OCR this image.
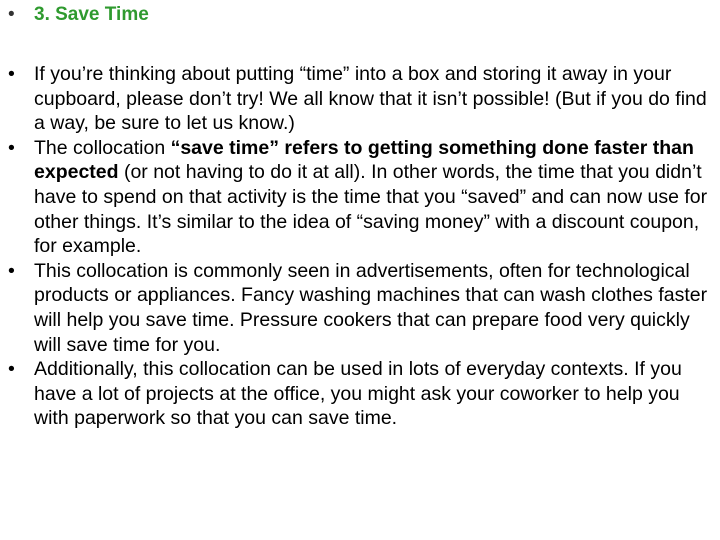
•	3. Save Time
• If you’re thinking about putting “time” into a box and storing it away in your cupboard, please don’t try! We all know that it isn’t possible! (But if you do find a way, be sure to let us know.)
• The collocation “save time” refers to getting something done faster than expected (or not having to do it at all). In other words, the time that you didn’t have to spend on that activity is the time that you “saved” and can now use for other things. It’s similar to the idea of “saving money” with a discount coupon, for example.
• This collocation is commonly seen in advertisements, often for technological products or appliances. Fancy washing machines that can wash clothes faster will help you save time. Pressure cookers that can prepare food very quickly will save time for you.
• Additionally, this collocation can be used in lots of everyday contexts. If you have a lot of projects at the office, you might ask your coworker to help you with paperwork so that you can save time.
